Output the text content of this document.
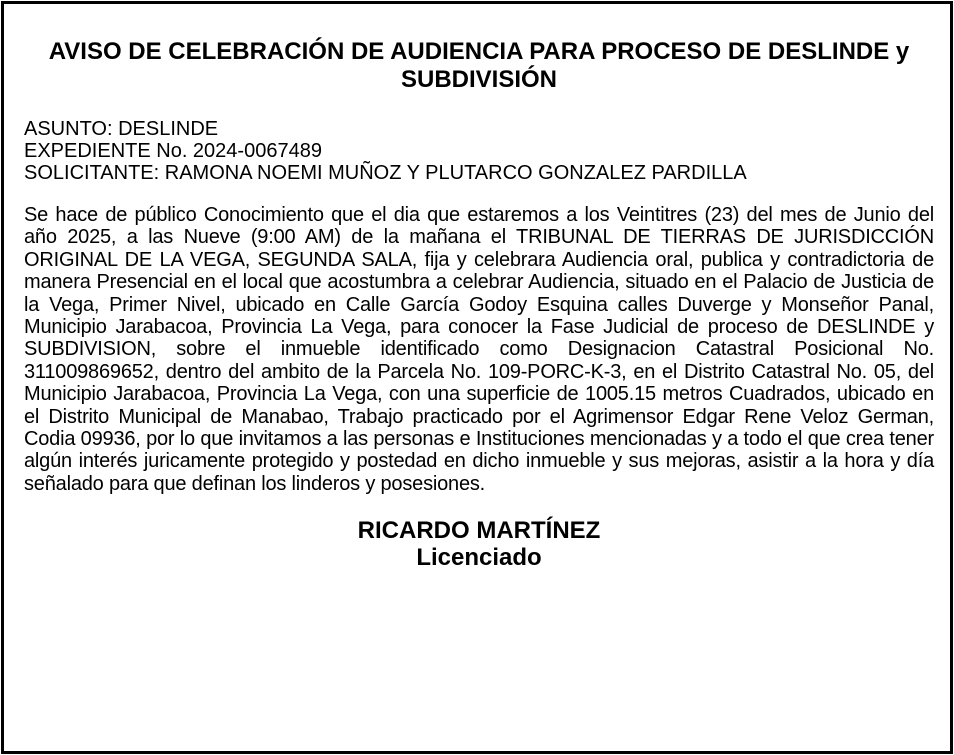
AVISO DE CELEBRACIÓN DE AUDIENCIA PARA PROCESO DE DESLINDE y SUBDIVISIÓN
ASUNTO: DESLINDE
EXPEDIENTE No. 2024-0067489
SOLICITANTE: RAMONA NOEMI MUÑOZ Y PLUTARCO GONZALEZ PARDILLA
Se hace de público Conocimiento que el dia que estaremos a los Veintitres (23) del mes de Junio del año 2025, a las Nueve (9:00 AM) de la mañana el TRIBUNAL DE TIERRAS DE JURISDICCIÓN ORIGINAL DE LA VEGA, SEGUNDA SALA, fija y celebrara Audiencia oral, publica y contradictoria de manera Presencial en el local que acostumbra a celebrar Audiencia, situado en el Palacio de Justicia de la Vega, Primer Nivel, ubicado en Calle García Godoy Esquina calles Duverge y Monseñor Panal, Municipio Jarabacoa, Provincia La Vega, para conocer la Fase Judicial de proceso de DESLINDE y SUBDIVISION, sobre el inmueble identificado como Designacion Catastral Posicional No. 311009869652, dentro del ambito de la Parcela No. 109-PORC-K-3, en el Distrito Catastral No. 05, del Municipio Jarabacoa, Provincia La Vega, con una superficie de 1005.15 metros Cuadrados, ubicado en el Distrito Municipal de Manabao, Trabajo practicado por el Agrimensor Edgar Rene Veloz German, Codia 09936, por lo que invitamos a las personas e Instituciones mencionadas y a todo el que crea tener algún interés juricamente protegido y postedad en dicho inmueble y sus mejoras, asistir a la hora y día señalado para que definan los linderos y posesiones.
RICARDO MARTÍNEZ
Licenciado
